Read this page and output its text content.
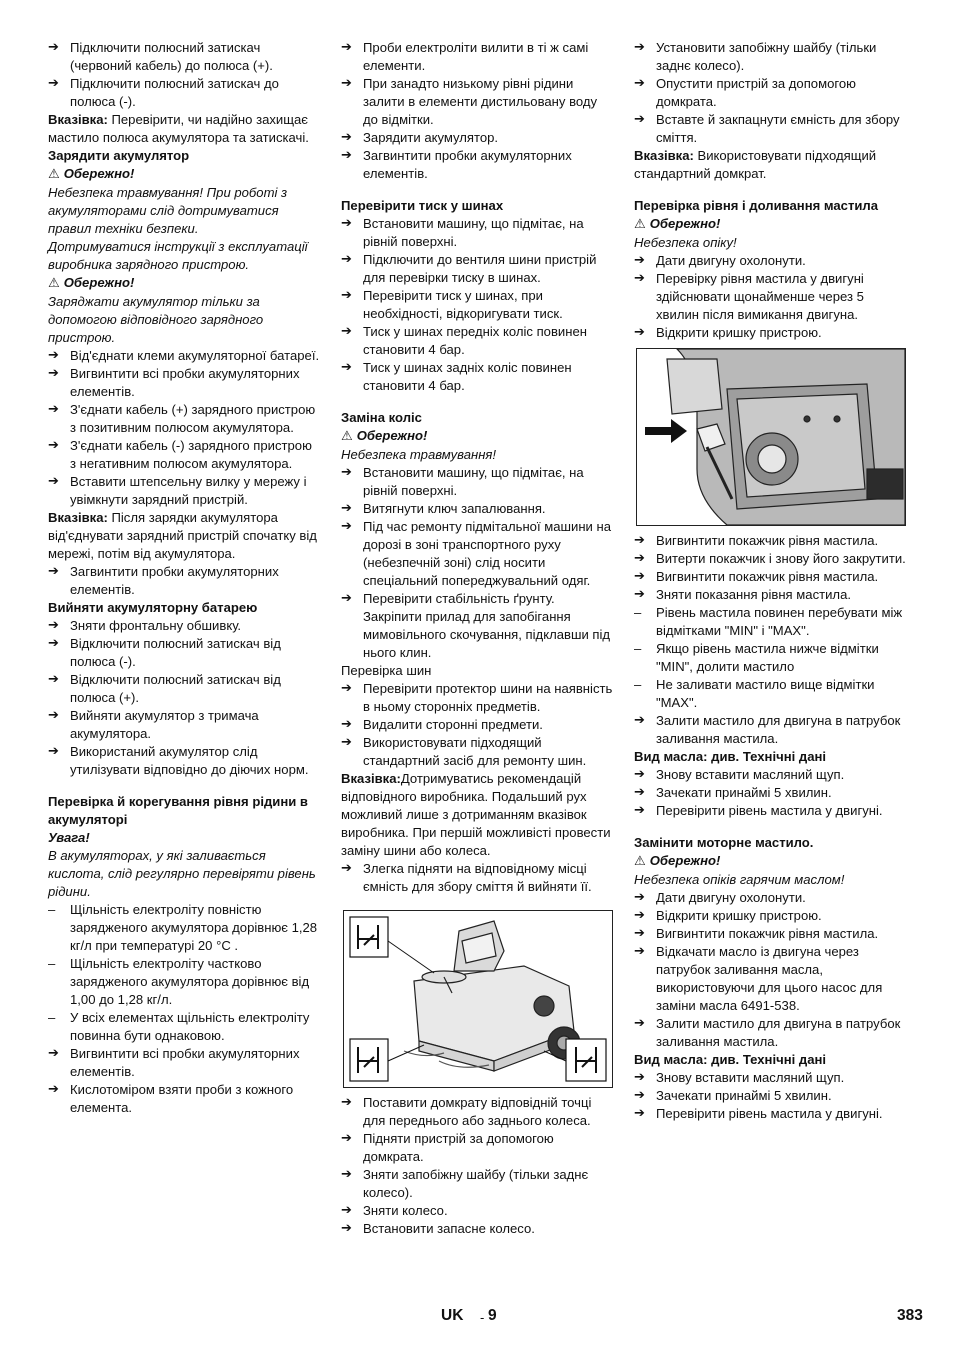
➔ Підключити полюсний затискач (червоний кабель) до полюса (+).
➔ Підключити полюсний затискач до полюса (-).
Вказівка: Перевірити, чи надійно захищає мастило полюса акумулятора та затискачі.
Зарядити акумулятор
⚠ Обережно!
Небезпека травмування! При роботі з акумуляторами слід дотримуватися правил техніки безпеки.
Дотримуватися інструкції з експлуатації виробника зарядного пристрою.
⚠ Обережно!
Заряджати акумулятор тільки за допомогою відповідного зарядного пристрою.
➔ Від'єднати клеми акумуляторної батареї.
➔ Вигвинтити всі пробки акумуляторних елементів.
➔ З'єднати кабель (+) зарядного пристрою з позитивним полюсом акумулятора.
➔ З'єднати кабель (-) зарядного пристрою з негативним полюсом акумулятора.
➔ Вставити штепсельну вилку у мережу і увімкнути зарядний пристрій.
Вказівка: Після зарядки акумулятора від'єднувати зарядний пристрій спочатку від мережі, потім від акумулятора.
➔ Загвинтити пробки акумуляторних елементів.
Вийняти акумуляторну батарею
➔ Зняти фронтальну обшивку.
➔ Відключити полюсний затискач від полюса (-).
➔ Відключити полюсний затискач від полюса (+).
➔ Вийняти акумулятор з тримача акумулятора.
➔ Використаний акумулятор слід утилізувати відповідно до діючих норм.
Перевірка й корегування рівня рідини в акумуляторі
Увага!
В акумуляторах, у які заливається кислота, слід регулярно перевіряти рівень рідини.
– Щільність електроліту повністю зарядженого акумулятора дорівнює 1,28 кг/л при температурі 20 °C .
– Щільність електроліту частково зарядженого акумулятора дорівнює від 1,00 до 1,28 кг/л.
– У всіх елементах щільність електроліту повинна бути однаковою.
➔ Вигвинтити всі пробки акумуляторних елементів.
➔ Кислотоміром взяти проби з кожного елемента.
➔ Проби електроліти вилити в ті ж самі елементи.
➔ При занадто низькому рівні рідини залити в елементи дистильовану воду до відмітки.
➔ Зарядити акумулятор.
➔ Загвинтити пробки акумуляторних елементів.
Перевірити тиск у шинах
➔ Встановити машину, що підмітає, на рівній поверхні.
➔ Підключити до вентиля шини пристрій для перевірки тиску в шинах.
➔ Перевірити тиск у шинах, при необхідності, відкоригувати тиск.
➔ Тиск у шинах передніх коліс повинен становити 4 бар.
➔ Тиск у шинах задніх коліс повинен становити 4 бар.
Заміна коліс
⚠ Обережно!
Небезпека травмування!
➔ Встановити машину, що підмітає, на рівній поверхні.
➔ Витягнути ключ запалювання.
➔ Під час ремонту підмітальної машини на дорозі в зоні транспортного руху (небезпечній зоні) слід носити спеціальний попереджувальний одяг.
➔ Перевірити стабільність ґрунту. Закріпити прилад для запобігання мимовільного скочування, підклавши під нього клин.
Перевірка шин
➔ Перевірити протектор шини на наявність в ньому сторонніх предметів.
➔ Видалити сторонні предмети.
➔ Використовувати підходящий стандартний засіб для ремонту шин.
Вказівка:Дотримуватись рекомендацій відповідного виробника. Подальший рух можливий лише з дотриманням вказівок виробника. При першій можливісті провести заміну шини або колеса.
➔ Злегка підняти на відповідному місці ємність для збору сміття й вийняти її.
➔ Поставити домкрату відповідній точці для переднього або заднього колеса.
➔ Підняти пристрій за допомогою домкрата.
➔ Зняти запобіжну шайбу (тільки заднє колесо).
➔ Зняти колесо.
➔ Встановити запасне колесо.
➔ Установити запобіжну шайбу (тільки заднє колесо).
➔ Опустити пристрій за допомогою домкрата.
➔ Вставте й закпацнути ємність для збору сміття.
Вказівка: Використовувати підходящий стандартний домкрат.
Перевірка рівня і доливання мастила
⚠ Обережно!
Небезпека опіку!
➔ Дати двигуну охолонути.
➔ Перевірку рівня мастила у двигуні здійснювати щонайменше через 5 хвилин після вимикання двигуна.
➔ Відкрити кришку пристрою.
➔ Вигвинтити покажчик рівня мастила.
➔ Витерти покажчик і знову його закрутити.
➔ Вигвинтити покажчик рівня мастила.
➔ Зняти показання рівня мастила.
– Рівень мастила повинен перебувати між відмітками "MIN" і "MAX".
– Якщо рівень мастила нижче відмітки "MIN", долити мастило
– Не заливати мастило вище відмітки "MAX".
➔ Залити мастило для двигуна в патрубок заливання мастила.
Вид масла: див. Технічні дані
➔ Знову вставити масляний щуп.
➔ Зачекати принаймі 5 хвилин.
➔ Перевірити рівень мастила у двигуні.
Замінити моторне мастило.
⚠ Обережно!
Небезпека опіків гарячим маслом!
➔ Дати двигуну охолонути.
➔ Відкрити кришку пристрою.
➔ Вигвинтити покажчик рівня мастила.
➔ Відкачати масло із двигуна через патрубок заливання масла, використовуючи для цього насос для заміни масла 6491-538.
➔ Залити мастило для двигуна в патрубок заливання мастила.
Вид масла: див. Технічні дані
➔ Знову вставити масляний щуп.
➔ Зачекати принаймі 5 хвилин.
➔ Перевірити рівень мастила у двигуні.
UK - 9	383
